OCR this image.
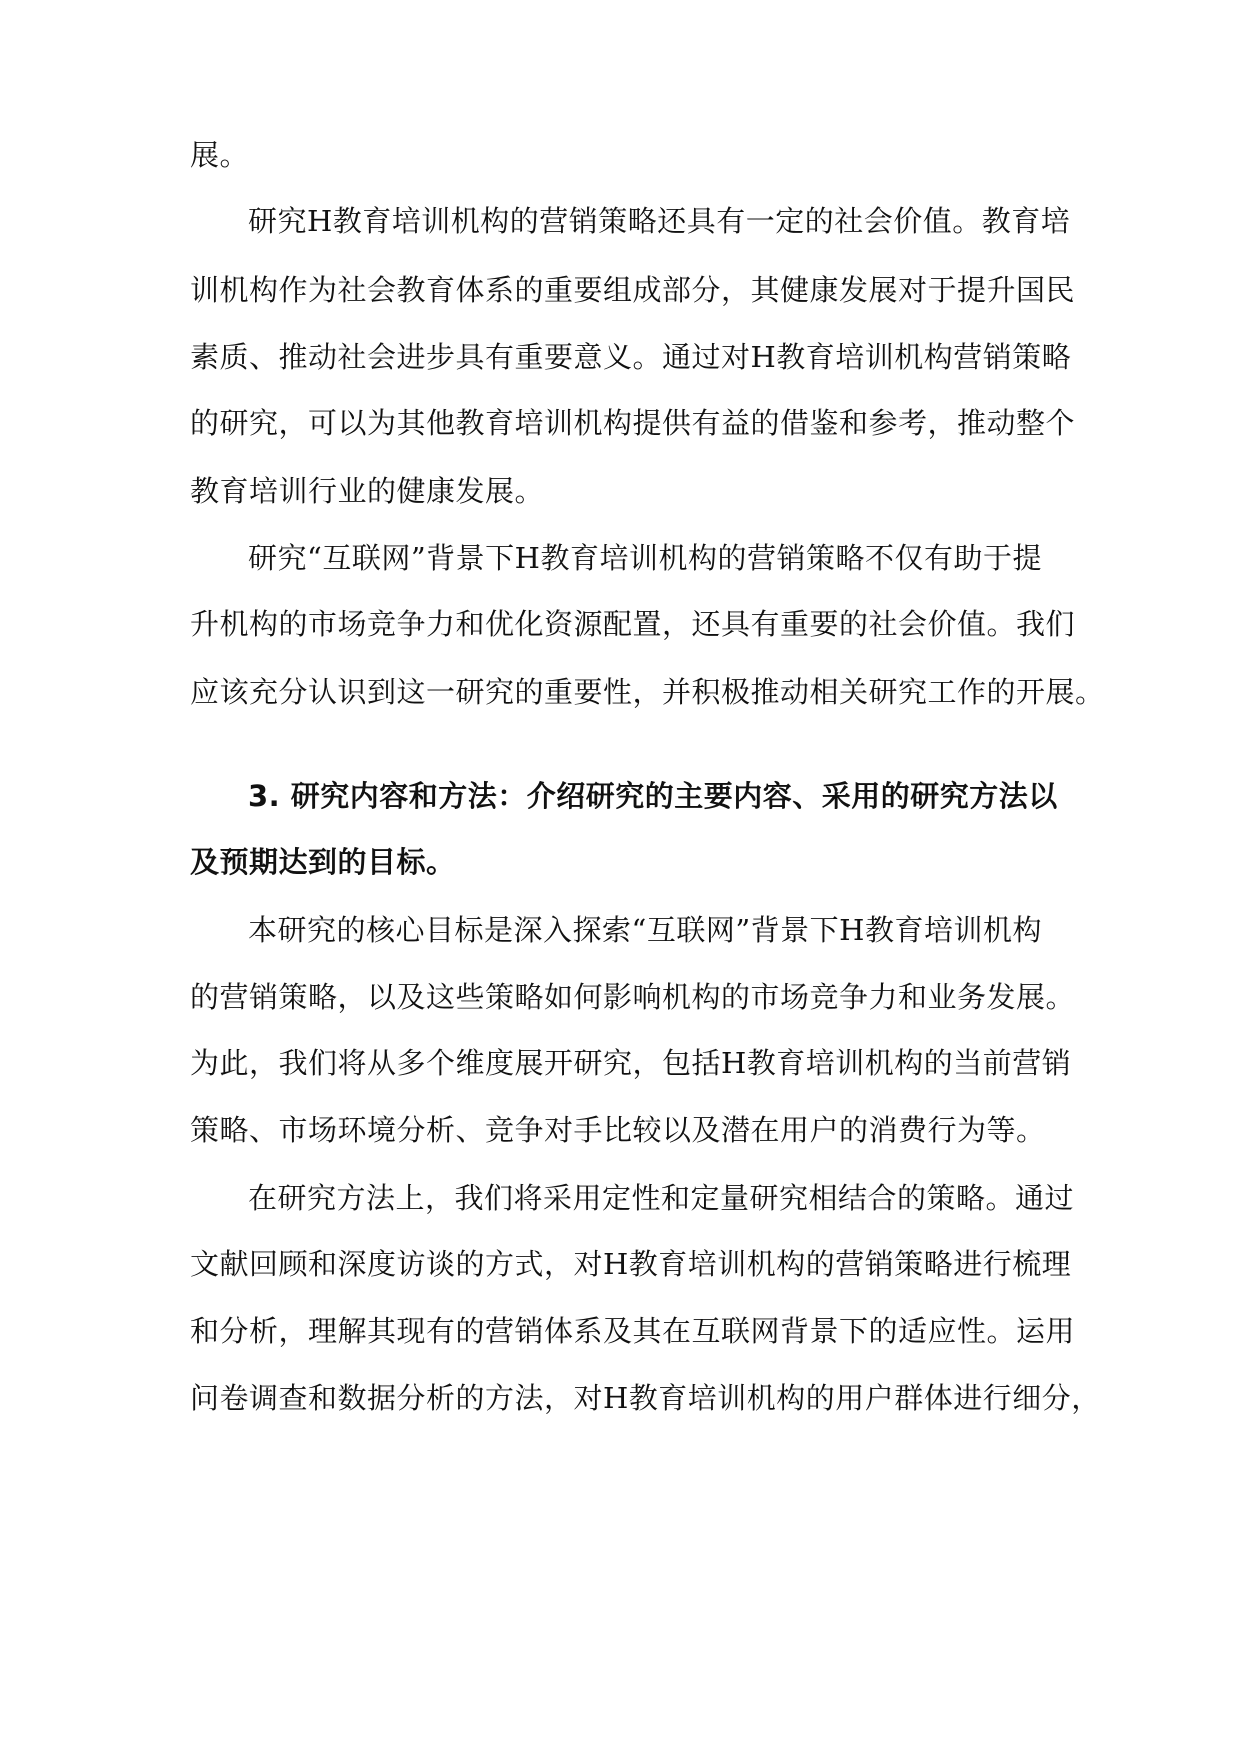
展。
研究H教育培训机构的营销策略还具有一定的社会价值。教育培
训机构作为社会教育体系的重要组成部分，其健康发展对于提升国民
素质、推动社会进步具有重要意义。通过对H教育培训机构营销策略
的研究，可以为其他教育培训机构提供有益的借鉴和参考，推动整个
教育培训行业的健康发展。
研究“互联网”背景下H教育培训机构的营销策略不仅有助于提
升机构的市场竞争力和优化资源配置，还具有重要的社会价值。我们
应该充分认识到这一研究的重要性，并积极推动相关研究工作的开展。
3. 研究内容和方法：介绍研究的主要内容、采用的研究方法以
及预期达到的目标。
本研究的核心目标是深入探索“互联网”背景下H教育培训机构
的营销策略，以及这些策略如何影响机构的市场竞争力和业务发展。
为此，我们将从多个维度展开研究，包括H教育培训机构的当前营销
策略、市场环境分析、竞争对手比较以及潜在用户的消费行为等。
在研究方法上，我们将采用定性和定量研究相结合的策略。通过
文献回顾和深度访谈的方式，对H教育培训机构的营销策略进行梳理
和分析，理解其现有的营销体系及其在互联网背景下的适应性。运用
问卷调查和数据分析的方法，对H教育培训机构的用户群体进行细分，
